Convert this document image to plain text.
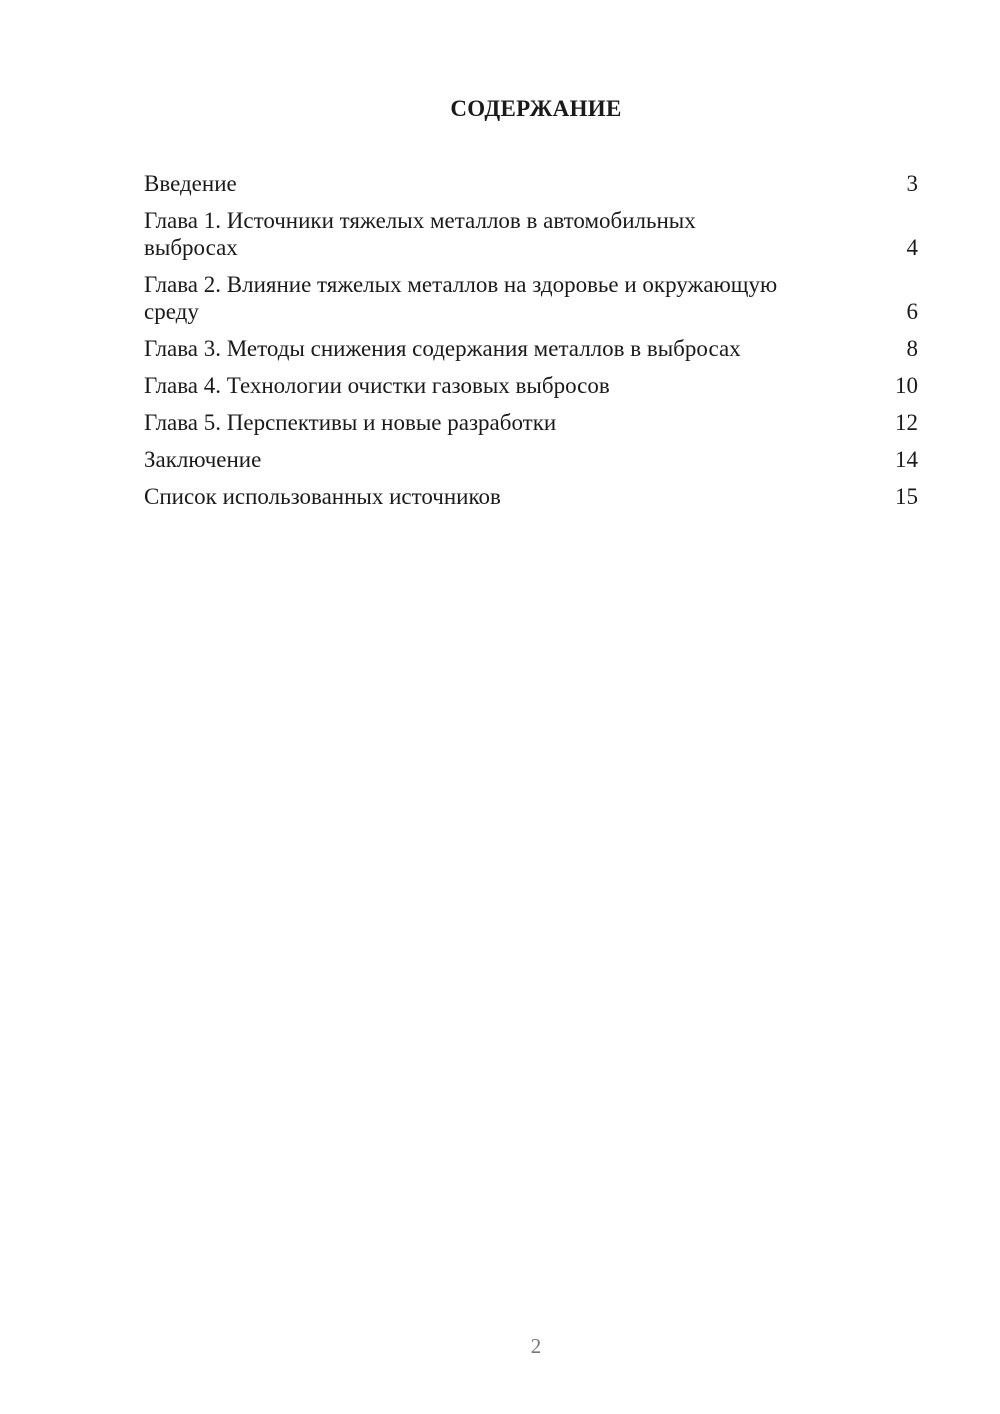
СОДЕРЖАНИЕ
Введение	3
Глава 1. Источники тяжелых металлов в автомобильных выбросах	4
Глава 2. Влияние тяжелых металлов на здоровье и окружающую среду	6
Глава 3. Методы снижения содержания металлов в выбросах	8
Глава 4. Технологии очистки газовых выбросов	10
Глава 5. Перспективы и новые разработки	12
Заключение	14
Список использованных источников	15
2
